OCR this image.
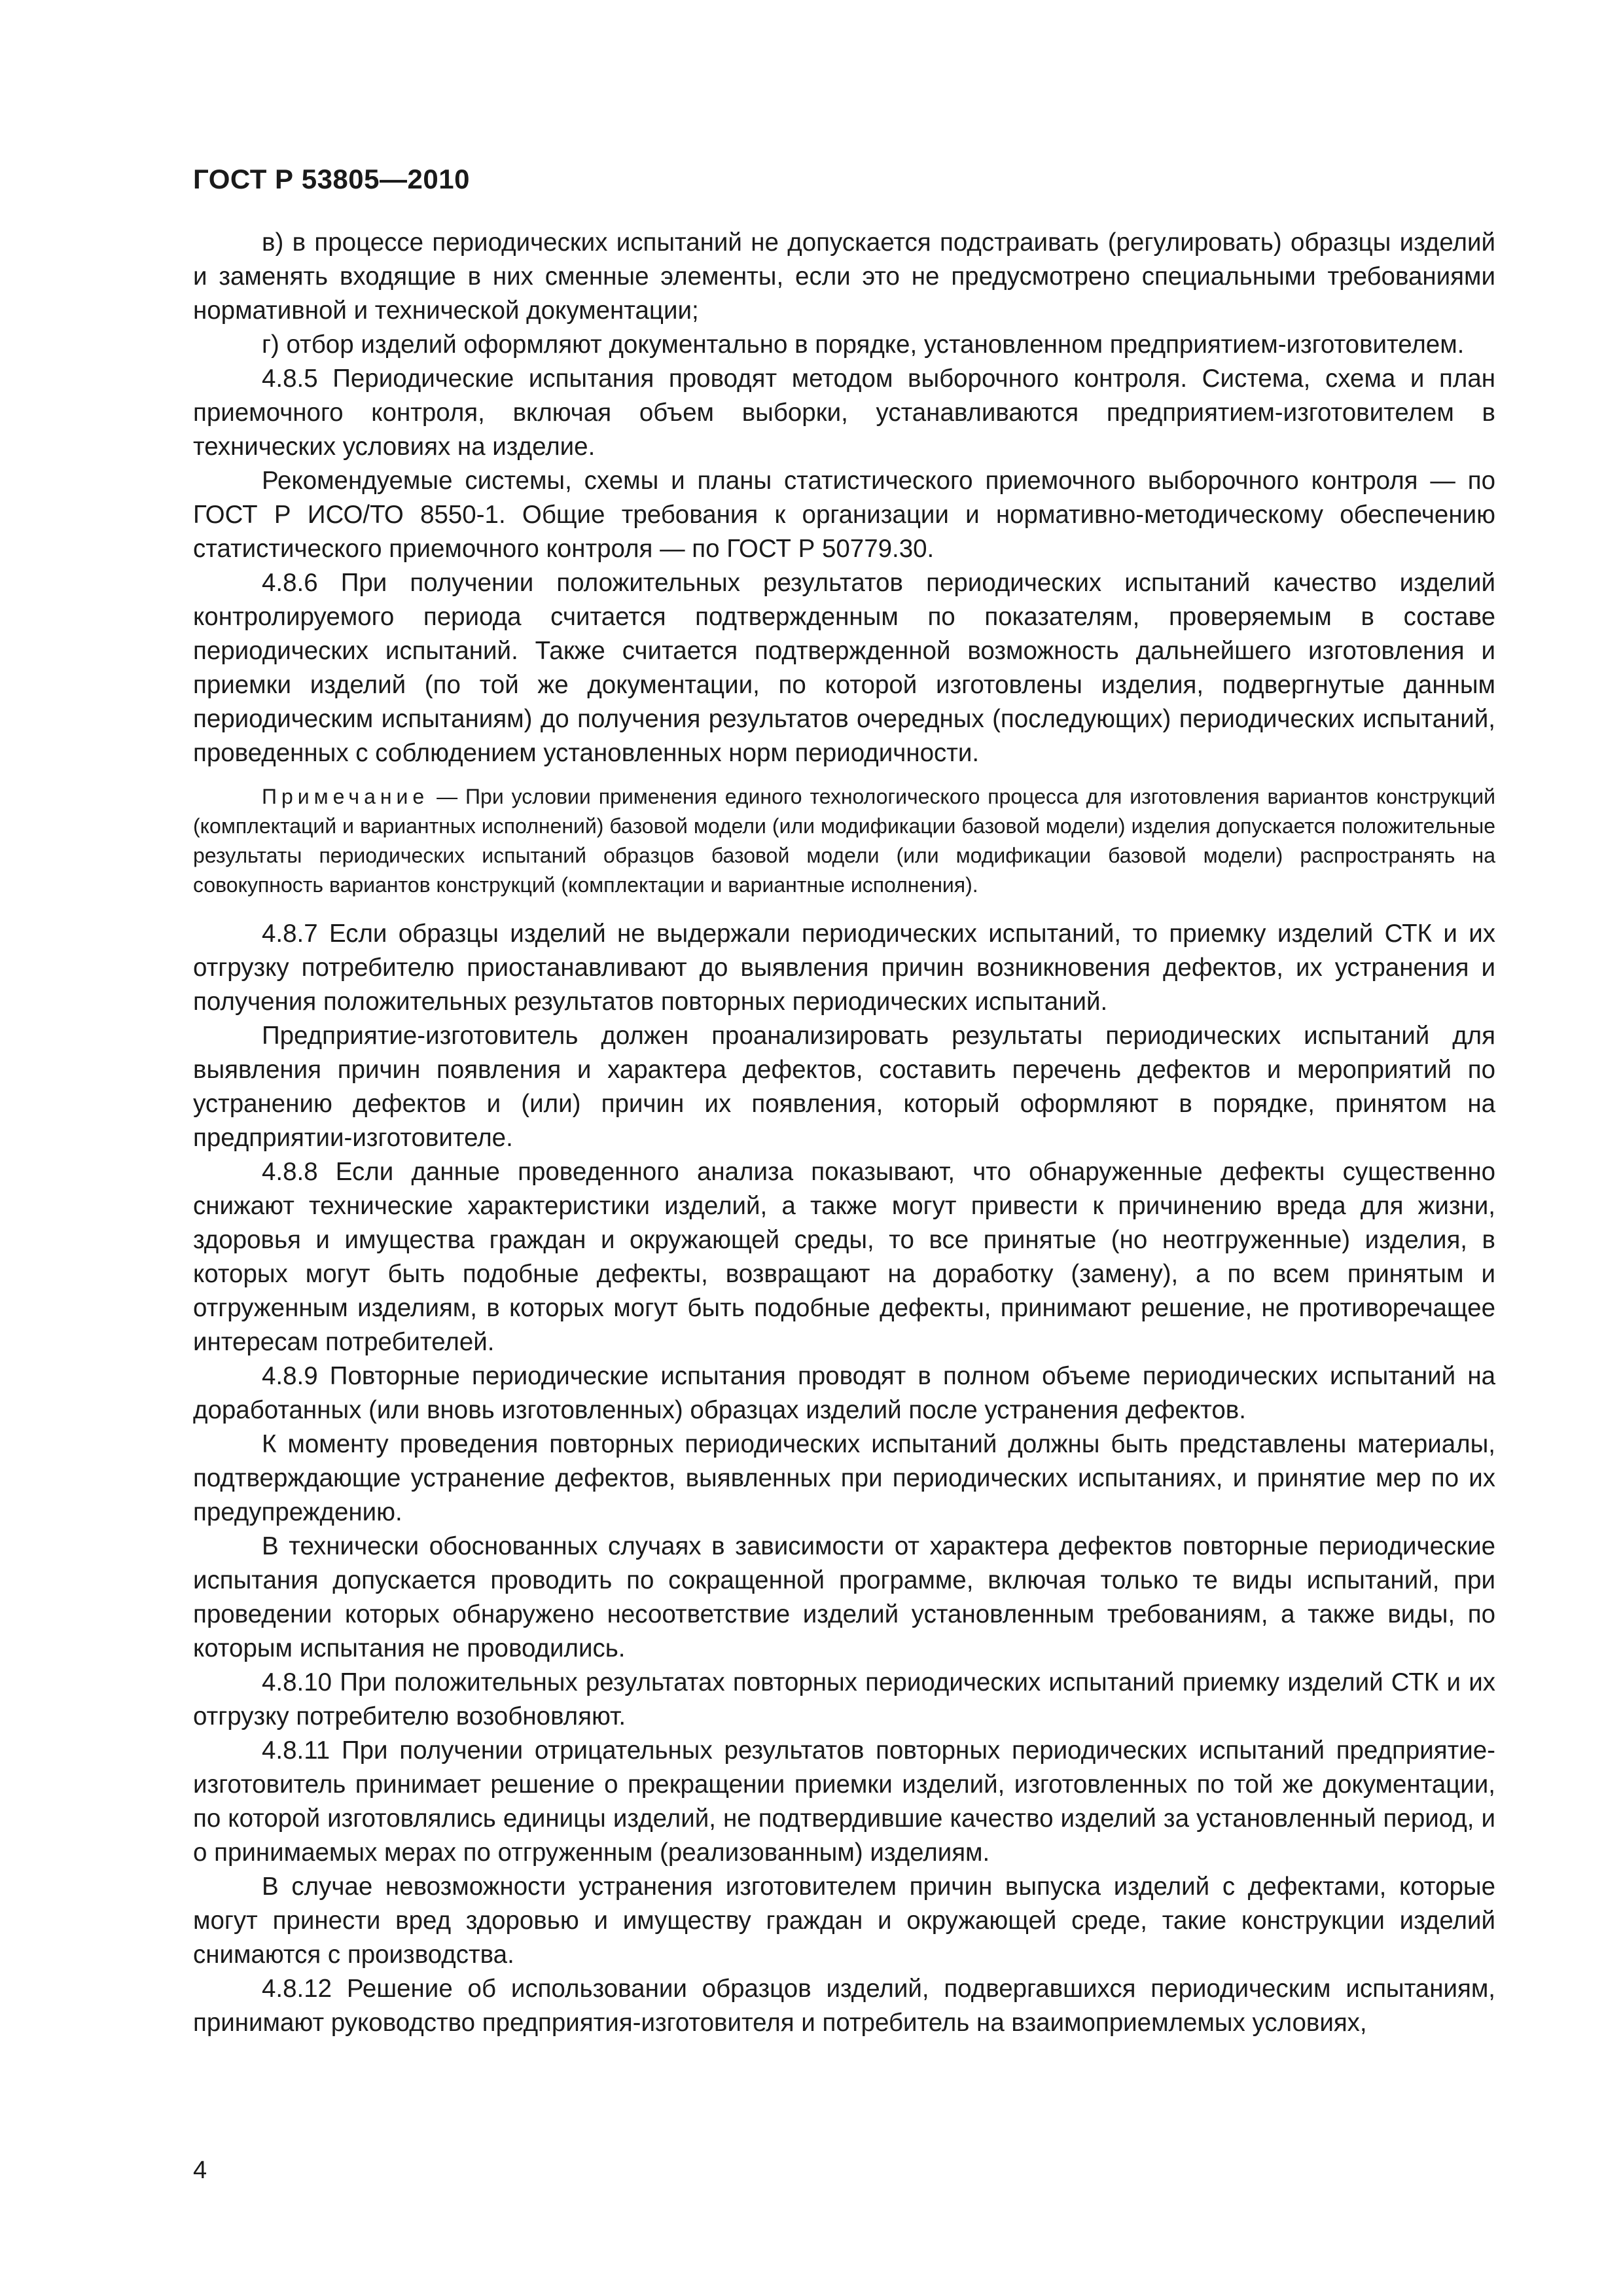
ГОСТ Р 53805—2010

в) в процессе периодических испытаний не допускается подстраивать (регулировать) образцы изделий и заменять входящие в них сменные элементы, если это не предусмотрено специальными требованиями нормативной и технической документации;

г) отбор изделий оформляют документально в порядке, установленном предприятием-изготовителем.

4.8.5 Периодические испытания проводят методом выборочного контроля. Система, схема и план приемочного контроля, включая объем выборки, устанавливаются предприятием-изготовителем в технических условиях на изделие.

Рекомендуемые системы, схемы и планы статистического приемочного выборочного контроля — по ГОСТ Р ИСО/ТО 8550-1. Общие требования к организации и нормативно-методическому обеспечению статистического приемочного контроля — по ГОСТ Р 50779.30.

4.8.6 При получении положительных результатов периодических испытаний качество изделий контролируемого периода считается подтвержденным по показателям, проверяемым в составе периодических испытаний. Также считается подтвержденной возможность дальнейшего изготовления и приемки изделий (по той же документации, по которой изготовлены изделия, подвергнутые данным периодическим испытаниям) до получения результатов очередных (последующих) периодических испытаний, проведенных с соблюдением установленных норм периодичности.

Примечание — При условии применения единого технологического процесса для изготовления вариантов конструкций (комплектаций и вариантных исполнений) базовой модели (или модификации базовой модели) изделия допускается положительные результаты периодических испытаний образцов базовой модели (или модификации базовой модели) распространять на совокупность вариантов конструкций (комплектации и вариантные исполнения).

4.8.7 Если образцы изделий не выдержали периодических испытаний, то приемку изделий СТК и их отгрузку потребителю приостанавливают до выявления причин возникновения дефектов, их устранения и получения положительных результатов повторных периодических испытаний.

Предприятие-изготовитель должен проанализировать результаты периодических испытаний для выявления причин появления и характера дефектов, составить перечень дефектов и мероприятий по устранению дефектов и (или) причин их появления, который оформляют в порядке, принятом на предприятии-изготовителе.

4.8.8 Если данные проведенного анализа показывают, что обнаруженные дефекты существенно снижают технические характеристики изделий, а также могут привести к причинению вреда для жизни, здоровья и имущества граждан и окружающей среды, то все принятые (но неотгруженные) изделия, в которых могут быть подобные дефекты, возвращают на доработку (замену), а по всем принятым и отгруженным изделиям, в которых могут быть подобные дефекты, принимают решение, не противоречащее интересам потребителей.

4.8.9 Повторные периодические испытания проводят в полном объеме периодических испытаний на доработанных (или вновь изготовленных) образцах изделий после устранения дефектов.

К моменту проведения повторных периодических испытаний должны быть представлены материалы, подтверждающие устранение дефектов, выявленных при периодических испытаниях, и принятие мер по их предупреждению.

В технически обоснованных случаях в зависимости от характера дефектов повторные периодические испытания допускается проводить по сокращенной программе, включая только те виды испытаний, при проведении которых обнаружено несоответствие изделий установленным требованиям, а также виды, по которым испытания не проводились.

4.8.10 При положительных результатах повторных периодических испытаний приемку изделий СТК и их отгрузку потребителю возобновляют.

4.8.11 При получении отрицательных результатов повторных периодических испытаний предприятие-изготовитель принимает решение о прекращении приемки изделий, изготовленных по той же документации, по которой изготовлялись единицы изделий, не подтвердившие качество изделий за установленный период, и о принимаемых мерах по отгруженным (реализованным) изделиям.

В случае невозможности устранения изготовителем причин выпуска изделий с дефектами, которые могут принести вред здоровью и имуществу граждан и окружающей среде, такие конструкции изделий снимаются с производства.

4.8.12 Решение об использовании образцов изделий, подвергавшихся периодическим испытаниям, принимают руководство предприятия-изготовителя и потребитель на взаимоприемлемых условиях,

4
